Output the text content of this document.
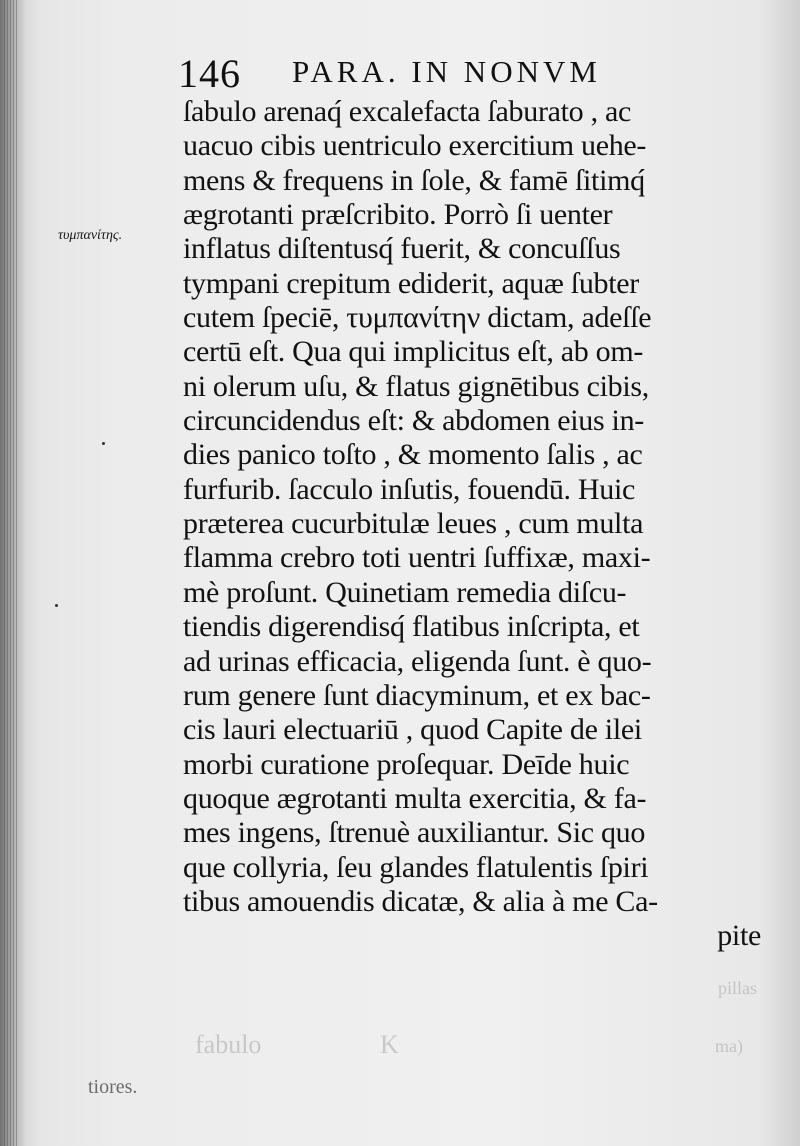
fabulo	K
pillas
ma)
tiores.
146 PARA. IN NONVM
τυμπανίτης.
ſabulo arenaq́ excalefacta ſaburato , ac
uacuo cibis uentriculo exercitium uehe-
mens & frequens in ſole, & famē ſitimq́
ægrotanti præſcribito. Porrò ſi uenter
inflatus diſtentusq́ fuerit, & concuſſus
tympani crepitum ediderit, aquæ ſubter
cutem ſpeciē, τυμπανίτην dictam, adeſſe
certū eſt. Qua qui implicitus eſt, ab om-
ni olerum uſu, & flatus gignētibus cibis,
circuncidendus eſt: & abdomen eius in-
dies panico toſto , & momento ſalis , ac
furfurib. ſacculo inſutis, fouendū. Huic
præterea cucurbitulæ leues , cum multa
flamma crebro toti uentri ſuffixæ, maxi-
mè proſunt. Quinetiam remedia diſcu-
tiendis digerendisq́ flatibus inſcripta, et
ad urinas efficacia, eligenda ſunt. è quo-
rum genere ſunt diacyminum, et ex bac-
cis lauri electuariū , quod Capite de ilei
morbi curatione proſequar. Deīde huic
quoque ægrotanti multa exercitia, & fa-
mes ingens, ſtrenuè auxiliantur. Sic quo
que collyria, ſeu glandes flatulentis ſpiri
tibus amouendis dicatæ, & alia à me Ca-
pite
